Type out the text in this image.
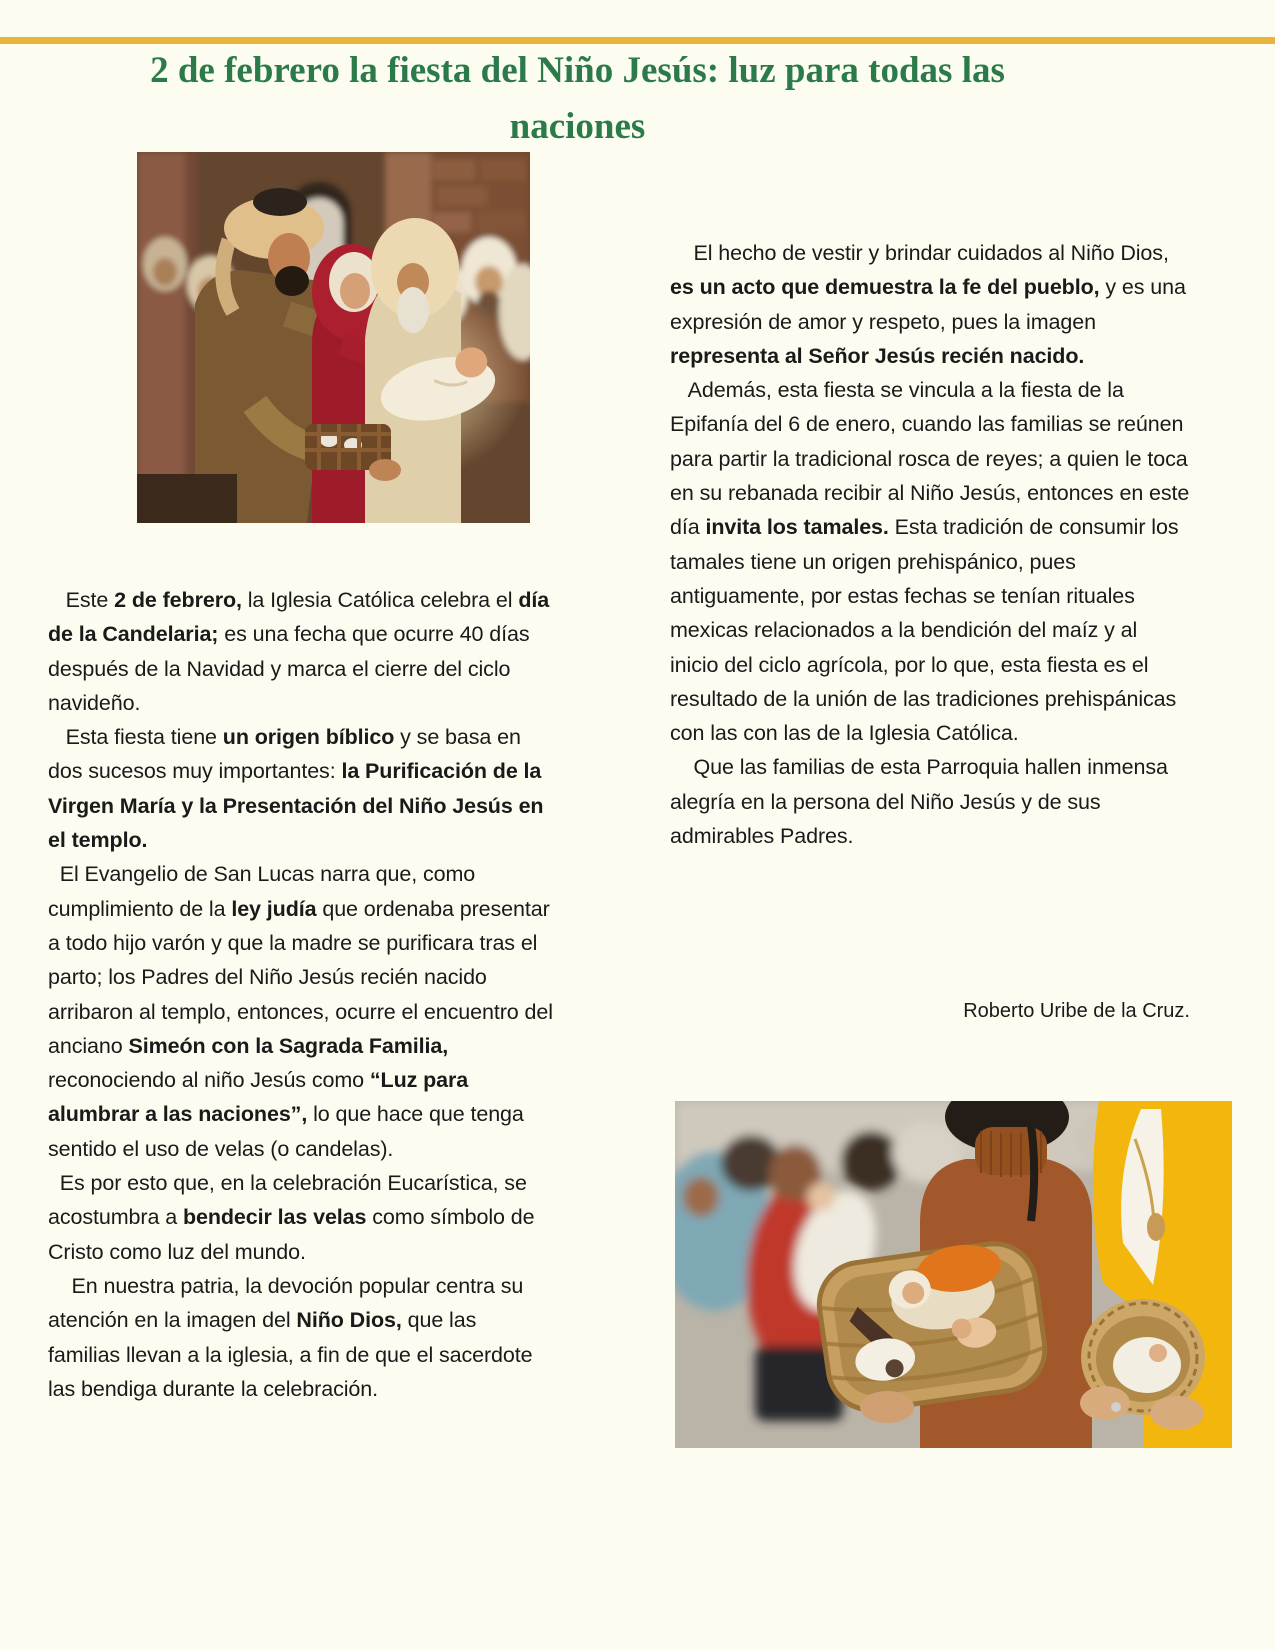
2 de febrero la fiesta del Niño Jesús: luz para todas las
naciones

Este 2 de febrero, la Iglesia Católica celebra el día de la Candelaria; es una fecha que ocurre 40 días después de la Navidad y marca el cierre del ciclo navideño.

Esta fiesta tiene un origen bíblico y se basa en dos sucesos muy importantes: la Purificación de la Virgen María y la Presentación del Niño Jesús en el templo.

El Evangelio de San Lucas narra que, como cumplimiento de la ley judía que ordenaba presentar a todo hijo varón y que la madre se purificara tras el parto; los Padres del Niño Jesús recién nacido arribaron al templo, entonces, ocurre el encuentro del anciano Simeón con la Sagrada Familia, reconociendo al niño Jesús como “Luz para alumbrar a las naciones”, lo que hace que tenga sentido el uso de velas (o candelas).

Es por esto que, en la celebración Eucarística, se acostumbra a bendecir las velas como símbolo de Cristo como luz del mundo.

En nuestra patria, la devoción popular centra su atención en la imagen del Niño Dios, que las familias llevan a la iglesia, a fin de que el sacerdote las bendiga durante la celebración.

El hecho de vestir y brindar cuidados al Niño Dios, es un acto que demuestra la fe del pueblo, y es una expresión de amor y respeto, pues la imagen representa al Señor Jesús recién nacido.

Además, esta fiesta se vincula a la fiesta de la Epifanía del 6 de enero, cuando las familias se reúnen para partir la tradicional rosca de reyes; a quien le toca en su rebanada recibir al Niño Jesús, entonces en este día invita los tamales. Esta tradición de consumir los tamales tiene un origen prehispánico, pues antiguamente, por estas fechas se tenían rituales mexicas relacionados a la bendición del maíz y al inicio del ciclo agrícola, por lo que, esta fiesta es el resultado de la unión de las tradiciones prehispánicas con las con las de la Iglesia Católica.

Que las familias de esta Parroquia hallen inmensa alegría en la persona del Niño Jesús y de sus admirables Padres.

Roberto Uribe de la Cruz.
